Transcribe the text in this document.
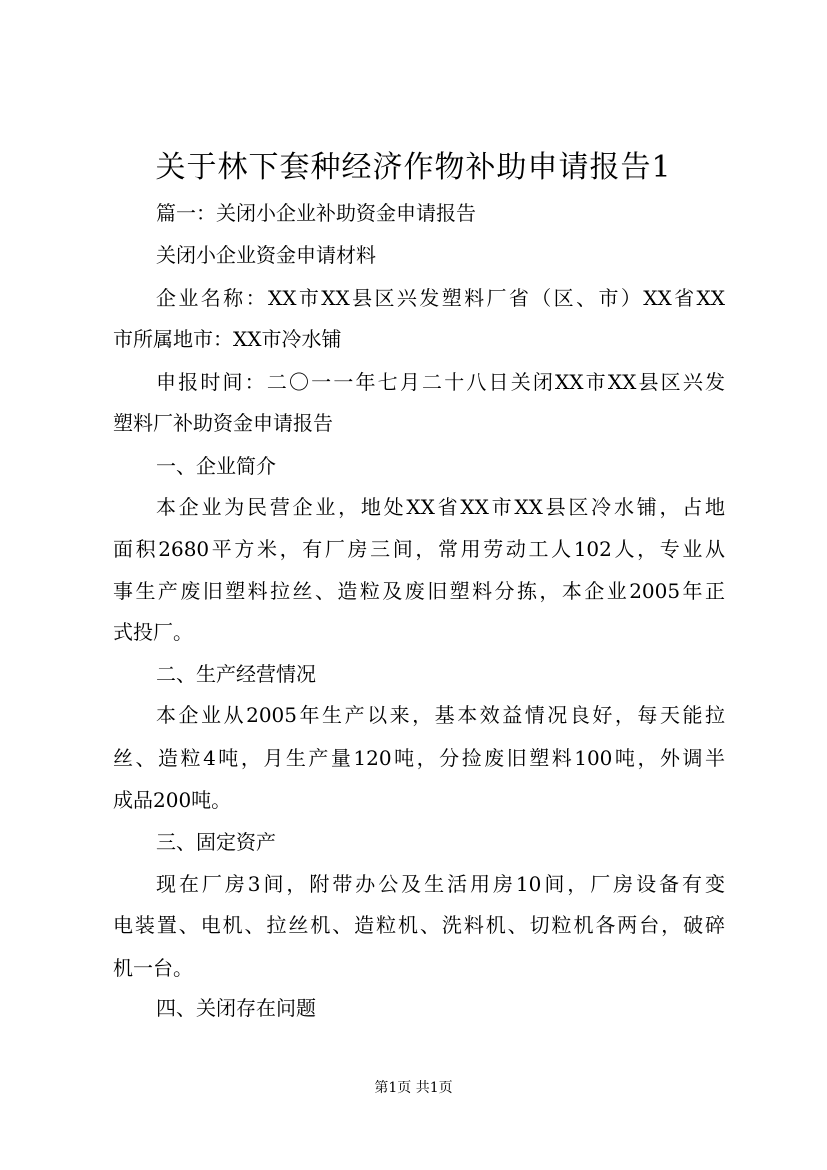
关于林下套种经济作物补助申请报告1
篇一：关闭小企业补助资金申请报告
关闭小企业资金申请材料
企业名称：XX市XX县区兴发塑料厂省（区、市）XX省XX
市所属地市：XX市冷水铺
申报时间：二〇一一年七月二十八日关闭XX市XX县区兴发
塑料厂补助资金申请报告
一、企业简介
本企业为民营企业，地处XX省XX市XX县区冷水铺，占地
面积2680平方米，有厂房三间，常用劳动工人102人，专业从
事生产废旧塑料拉丝、造粒及废旧塑料分拣，本企业2005年正
式投厂。
二、生产经营情况
本企业从2005年生产以来，基本效益情况良好，每天能拉
丝、造粒4吨，月生产量120吨，分捡废旧塑料100吨，外调半
成品200吨。
三、固定资产
现在厂房3间，附带办公及生活用房10间，厂房设备有变
电装置、电机、拉丝机、造粒机、洗料机、切粒机各两台，破碎
机一台。
四、关闭存在问题
第1页 共1页
